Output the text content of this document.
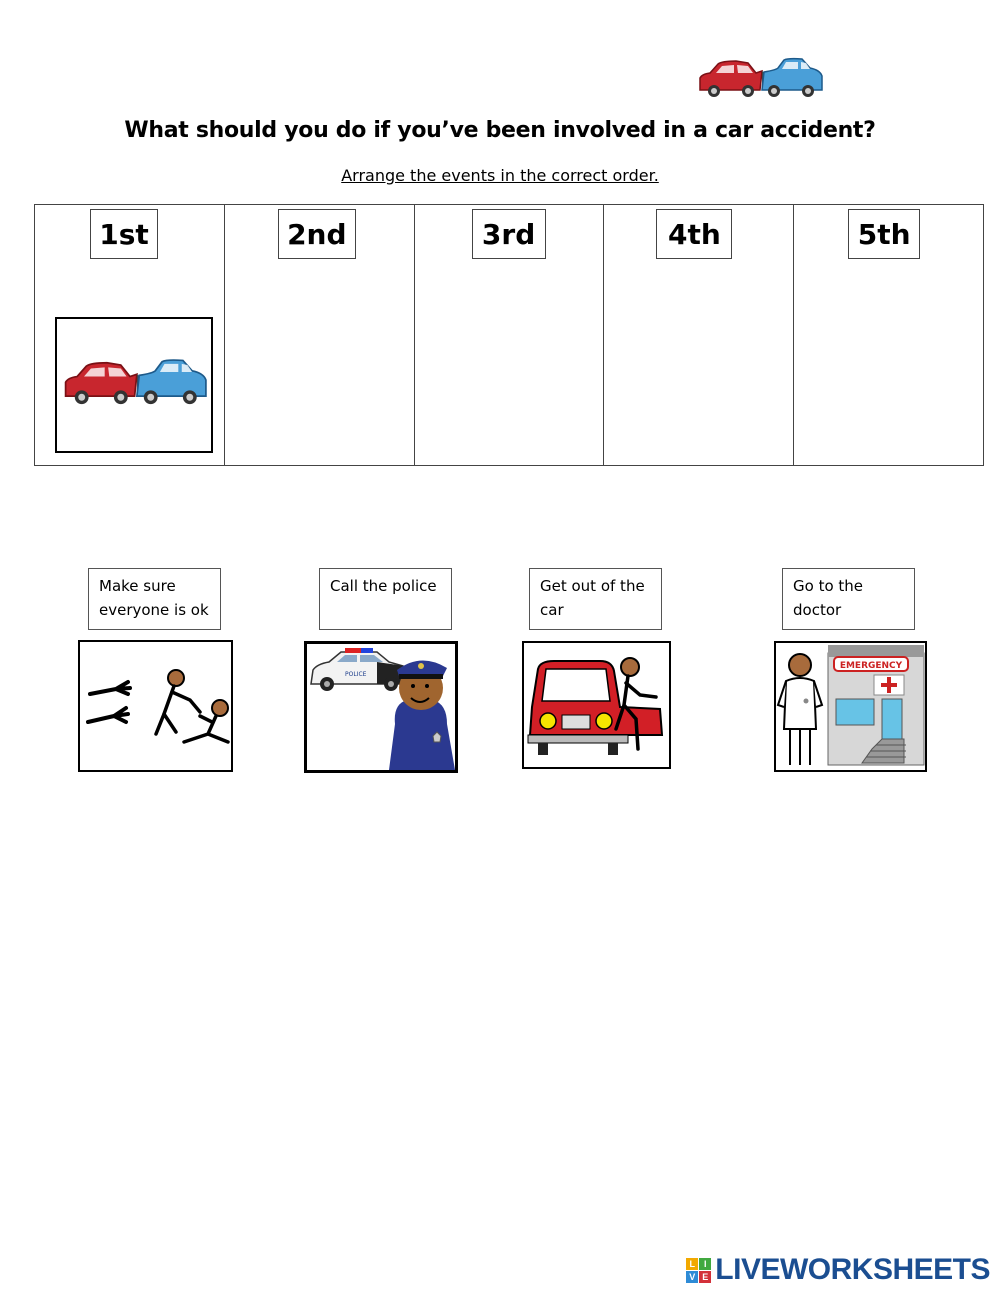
What should you do if you’ve been involved in a car accident?
Arrange the events in the correct order.
1st	2nd	3rd	4th	5th
Make sure everyone is ok
Call the police	Get out of the car
Go to the doctor
POLICE
EMERGENCY
L I
V E LIVEWORKSHEETS
